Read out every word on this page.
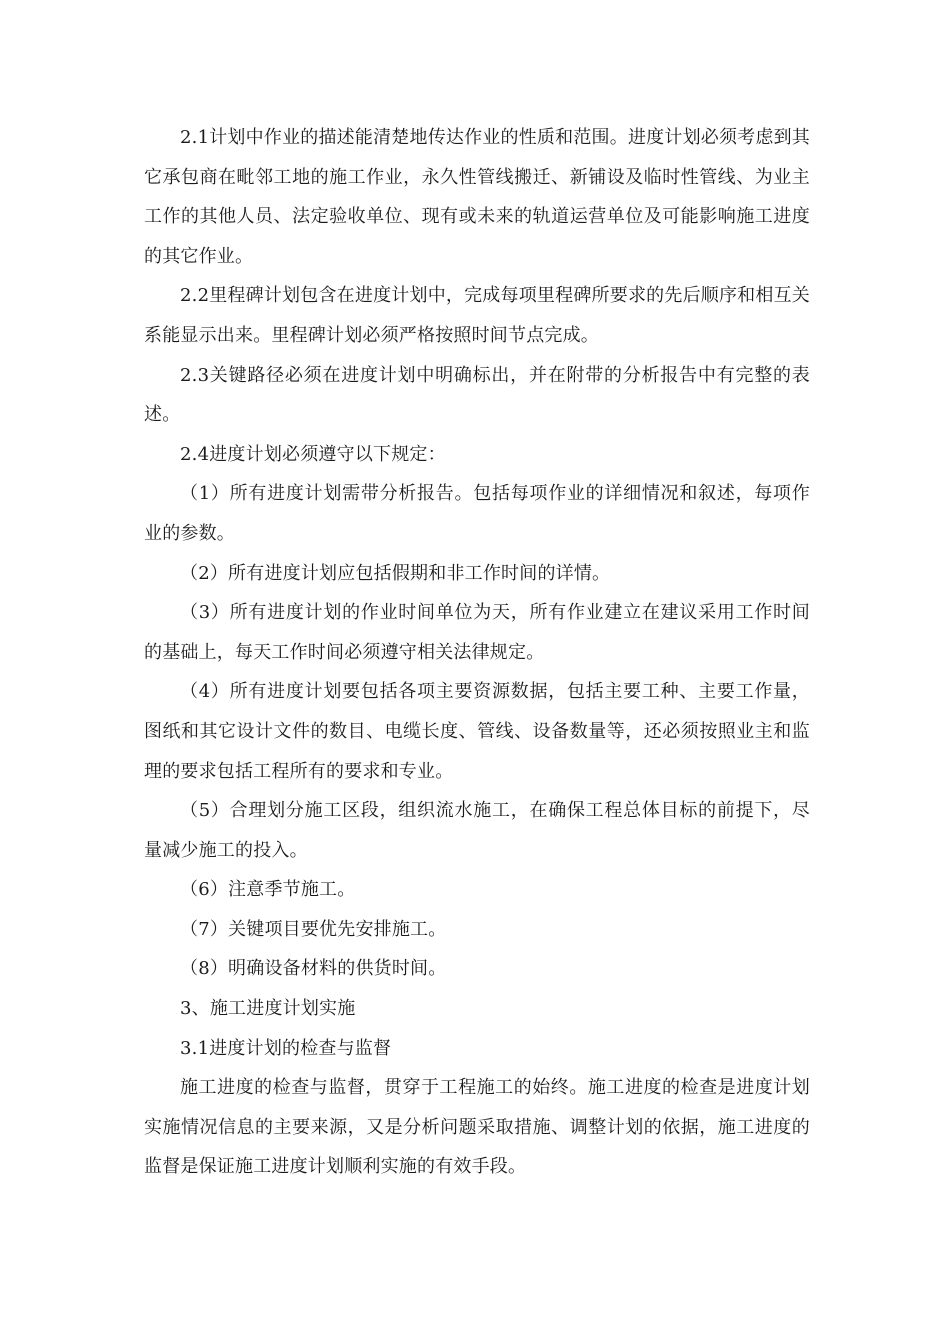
2.1计划中作业的描述能清楚地传达作业的性质和范围。进度计划必须考虑到其它承包商在毗邻工地的施工作业，永久性管线搬迁、新铺设及临时性管线、为业主工作的其他人员、法定验收单位、现有或未来的轨道运营单位及可能影响施工进度的其它作业。

2.2里程碑计划包含在进度计划中，完成每项里程碑所要求的先后顺序和相互关系能显示出来。里程碑计划必须严格按照时间节点完成。

2.3关键路径必须在进度计划中明确标出，并在附带的分析报告中有完整的表述。

2.4进度计划必须遵守以下规定：

（1）所有进度计划需带分析报告。包括每项作业的详细情况和叙述，每项作业的参数。

（2）所有进度计划应包括假期和非工作时间的详情。

（3）所有进度计划的作业时间单位为天，所有作业建立在建议采用工作时间的基础上，每天工作时间必须遵守相关法律规定。

（4）所有进度计划要包括各项主要资源数据，包括主要工种、主要工作量，图纸和其它设计文件的数目、电缆长度、管线、设备数量等，还必须按照业主和监理的要求包括工程所有的要求和专业。

（5）合理划分施工区段，组织流水施工，在确保工程总体目标的前提下，尽量减少施工的投入。

（6）注意季节施工。

（7）关键项目要优先安排施工。

（8）明确设备材料的供货时间。

3、施工进度计划实施

3.1进度计划的检查与监督

施工进度的检查与监督，贯穿于工程施工的始终。施工进度的检查是进度计划实施情况信息的主要来源，又是分析问题采取措施、调整计划的依据，施工进度的监督是保证施工进度计划顺利实施的有效手段。
